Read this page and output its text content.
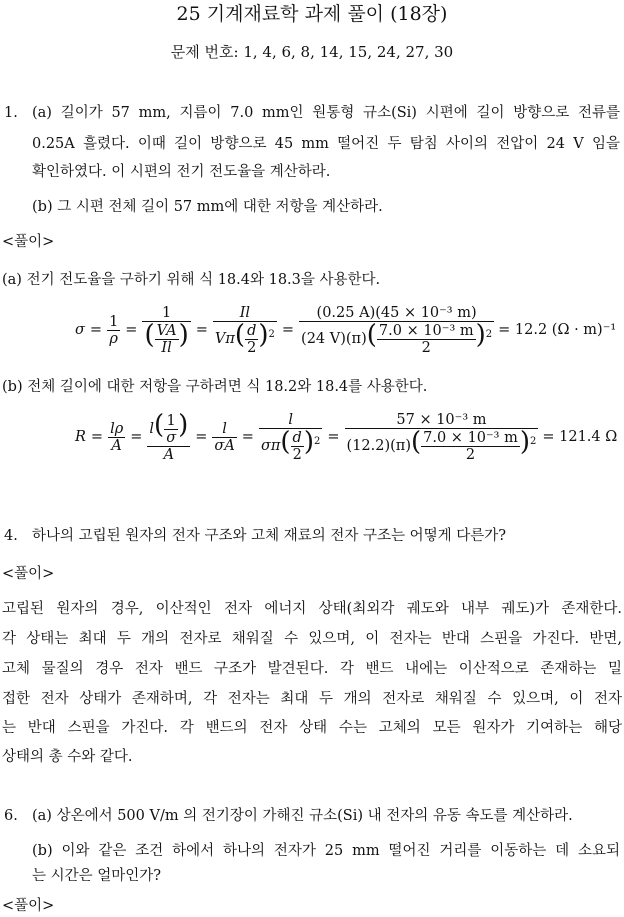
25 기계재료학 과제 풀이 (18장)
문제 번호: 1, 4, 6, 8, 14, 15, 24, 27, 30
1. (a) 길이가 57 mm, 지름이 7.0 mm인 원통형 규소(Si) 시편에 길이 방향으로 전류를
0.25A 흘렸다. 이때 길이 방향으로 45 mm 떨어진 두 탐침 사이의 전압이 24 V 임을
확인하였다. 이 시편의 전기 전도율을 계산하라.
(b) 그 시편 전체 길이 57 mm에 대한 저항을 계산하라.
<풀이>
(a) 전기 전도율을 구하기 위해 식 18.4와 18.3을 사용한다.
$\sigma = \frac{1}{\rho} = \frac{1}{( \frac{VA}{Il} )} = \frac{Il}{V\pi( \frac{d}{2} )^2} = \frac{\text{(0.25 A)(45 × 10⁻³ m)}}{(24 V)(\pi)( \frac{\text{7.0 × 10⁻³ m}}{2} )^2} = 12.2$ (Ω · m)⁻¹
(b) 전체 길이에 대한 저항을 구하려면 식 18.2와 18.4를 사용한다.
$R = \frac{l\rho}{A} = \frac{l( \frac{1}{\sigma} )}{A} = \frac{l}{\sigma A} = \frac{l}{\sigma\pi( \frac{d}{2} )^2} = \frac{\text{57 × 10⁻³ m}}{(12.2)(\pi)( \frac{\text{7.0 × 10⁻³ m}}{2} )^2} = 121.4$ Ω
4. 하나의 고립된 원자의 전자 구조와 고체 재료의 전자 구조는 어떻게 다른가?
<풀이>
고립된 원자의 경우, 이산적인 전자 에너지 상태(최외각 궤도와 내부 궤도)가 존재한다.
각 상태는 최대 두 개의 전자로 채워질 수 있으며, 이 전자는 반대 스핀을 가진다. 반면,
고체 물질의 경우 전자 밴드 구조가 발견된다. 각 밴드 내에는 이산적으로 존재하는 밀
접한 전자 상태가 존재하며, 각 전자는 최대 두 개의 전자로 채워질 수 있으며, 이 전자
는 반대 스핀을 가진다. 각 밴드의 전자 상태 수는 고체의 모든 원자가 기여하는 해당
상태의 총 수와 같다.
6. (a) 상온에서 500 V/m 의 전기장이 가해진 규소(Si) 내 전자의 유동 속도를 계산하라.
(b) 이와 같은 조건 하에서 하나의 전자가 25 mm 떨어진 거리를 이동하는 데 소요되
는 시간은 얼마인가?
<풀이>
